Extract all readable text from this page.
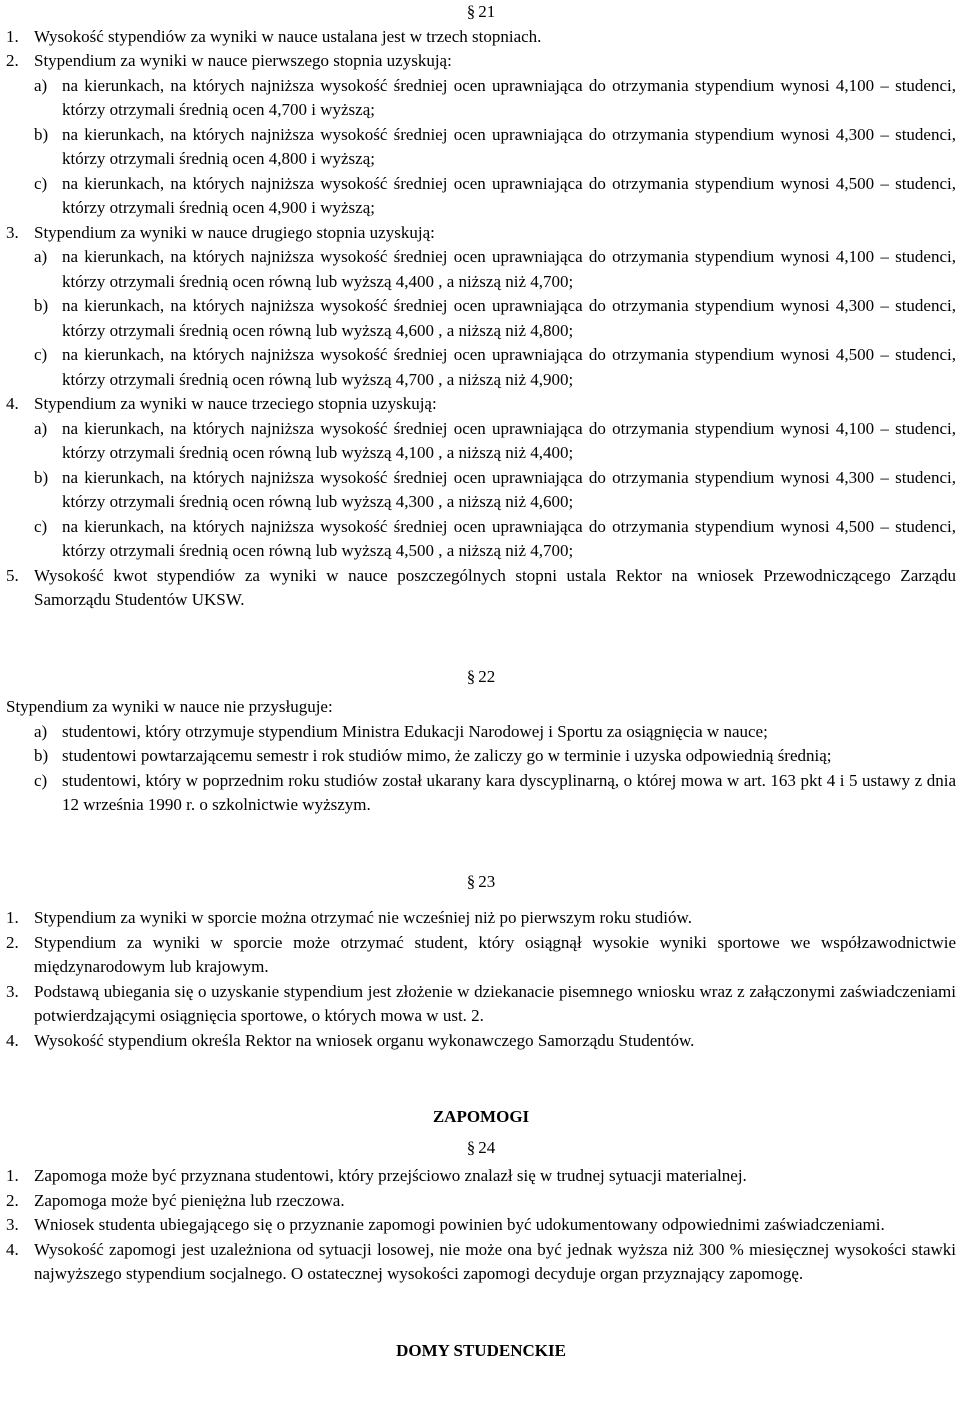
§ 21

1. Wysokość stypendiów za wyniki w nauce ustalana jest w trzech stopniach.
2. Stypendium za wyniki w nauce pierwszego stopnia uzyskują:
a) na kierunkach, na których najniższa wysokość średniej ocen uprawniająca do otrzymania stypendium wynosi 4,100 – studenci, którzy otrzymali średnią ocen 4,700 i wyższą;
b) na kierunkach, na których najniższa wysokość średniej ocen uprawniająca do otrzymania stypendium wynosi 4,300 – studenci, którzy otrzymali średnią ocen 4,800 i wyższą;
c) na kierunkach, na których najniższa wysokość średniej ocen uprawniająca do otrzymania stypendium wynosi 4,500 – studenci, którzy otrzymali średnią ocen 4,900 i wyższą;
3. Stypendium za wyniki w nauce drugiego stopnia uzyskują:
a) na kierunkach, na których najniższa wysokość średniej ocen uprawniająca do otrzymania stypendium wynosi 4,100 – studenci, którzy otrzymali średnią ocen równą lub wyższą 4,400 , a niższą niż 4,700;
b) na kierunkach, na których najniższa wysokość średniej ocen uprawniająca do otrzymania stypendium wynosi 4,300 – studenci, którzy otrzymali średnią ocen równą lub wyższą 4,600 , a niższą niż 4,800;
c) na kierunkach, na których najniższa wysokość średniej ocen uprawniająca do otrzymania stypendium wynosi 4,500 – studenci, którzy otrzymali średnią ocen równą lub wyższą 4,700 , a niższą niż 4,900;
4. Stypendium za wyniki w nauce trzeciego stopnia uzyskują:
a) na kierunkach, na których najniższa wysokość średniej ocen uprawniająca do otrzymania stypendium wynosi 4,100 – studenci, którzy otrzymali średnią ocen równą lub wyższą 4,100 , a niższą niż 4,400;
b) na kierunkach, na których najniższa wysokość średniej ocen uprawniająca do otrzymania stypendium wynosi 4,300 – studenci, którzy otrzymali średnią ocen równą lub wyższą 4,300 , a niższą niż 4,600;
c) na kierunkach, na których najniższa wysokość średniej ocen uprawniająca do otrzymania stypendium wynosi 4,500 – studenci, którzy otrzymali średnią ocen równą lub wyższą 4,500 , a niższą niż 4,700;
5. Wysokość kwot stypendiów za wyniki w nauce poszczególnych stopni ustala Rektor na wniosek Przewodniczącego Zarządu Samorządu Studentów UKSW.

§ 22

Stypendium za wyniki w nauce nie przysługuje:

a) studentowi, który otrzymuje stypendium Ministra Edukacji Narodowej i Sportu za osiągnięcia w nauce;
b) studentowi powtarzającemu semestr i rok studiów mimo, że zaliczy go w terminie i uzyska odpowiednią średnią;
c) studentowi, który w poprzednim roku studiów został ukarany kara dyscyplinarną, o której mowa w art. 163 pkt 4 i 5 ustawy z dnia 12 września 1990 r. o szkolnictwie wyższym.

§ 23

1. Stypendium za wyniki w sporcie można otrzymać nie wcześniej niż po pierwszym roku studiów.
2. Stypendium za wyniki w sporcie może otrzymać student, który osiągnął wysokie wyniki sportowe we współzawodnictwie międzynarodowym lub krajowym.
3. Podstawą ubiegania się o uzyskanie stypendium jest złożenie w dziekanacie pisemnego wniosku wraz z załączonymi zaświadczeniami potwierdzającymi osiągnięcia sportowe, o których mowa w ust. 2.
4. Wysokość stypendium określa Rektor na wniosek organu wykonawczego Samorządu Studentów.

ZAPOMOGI

§ 24

1. Zapomoga może być przyznana studentowi, który przejściowo znalazł się w trudnej sytuacji materialnej.
2. Zapomoga może być pieniężna lub rzeczowa.
3. Wniosek studenta ubiegającego się o przyznanie zapomogi powinien być udokumentowany odpowiednimi zaświadczeniami.
4. Wysokość zapomogi jest uzależniona od sytuacji losowej, nie może ona być jednak wyższa niż 300 % miesięcznej wysokości stawki najwyższego stypendium socjalnego. O ostatecznej wysokości zapomogi decyduje organ przyznający zapomogę.

DOMY STUDENCKIE
